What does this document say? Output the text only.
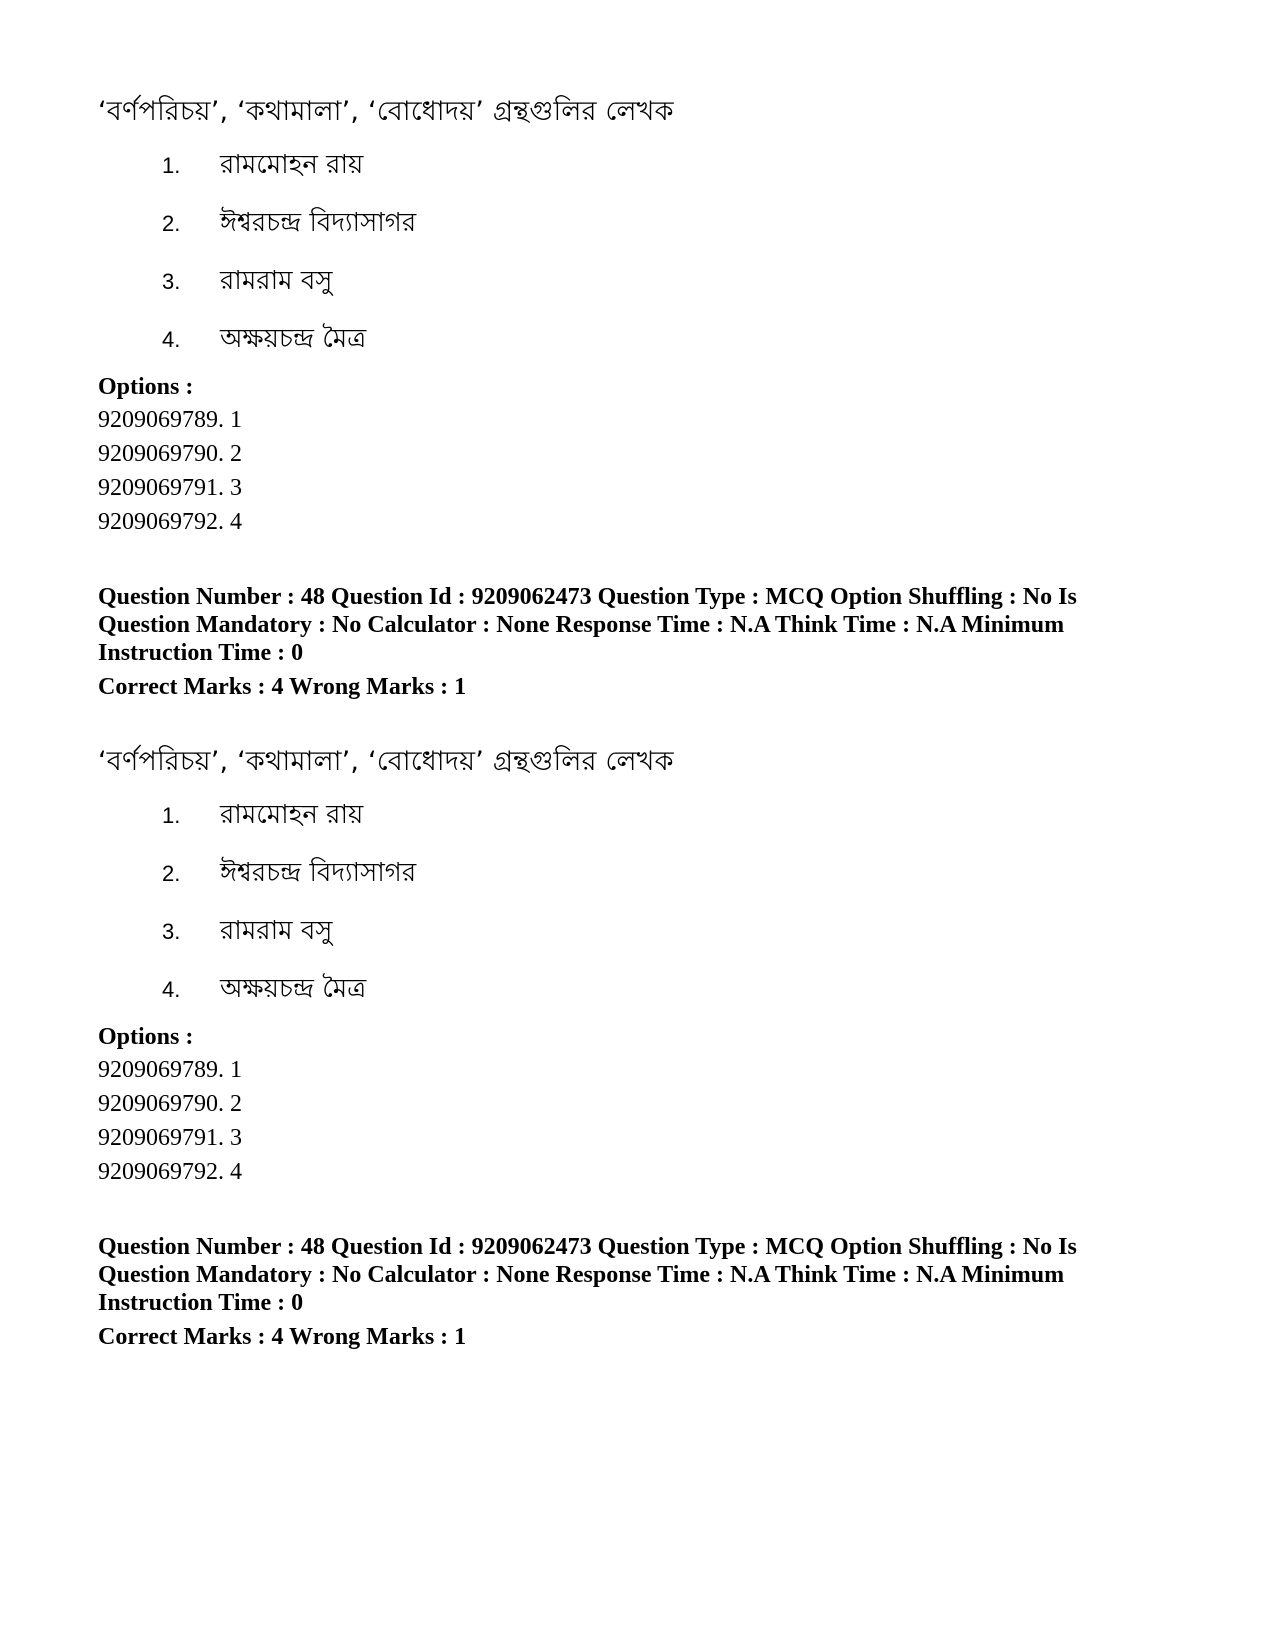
‘বর্ণপরিচয়’, ‘কথামালা’, ‘বোধোদয়’ গ্রন্থগুলির লেখক

1. রামমোহন রায়
2. ঈশ্বরচন্দ্র বিদ্যাসাগর
3. রামরাম বসু
4. অক্ষয়চন্দ্র মৈত্র

Options :

9209069789. 1

9209069790. 2

9209069791. 3

9209069792. 4

Question Number : 48 Question Id : 9209062473 Question Type : MCQ Option Shuffling : No Is

Question Mandatory : No Calculator : None Response Time : N.A Think Time : N.A Minimum

Instruction Time : 0

Correct Marks : 4 Wrong Marks : 1

‘বর্ণপরিচয়’, ‘কথামালা’, ‘বোধোদয়’ গ্রন্থগুলির লেখক

1. রামমোহন রায়
2. ঈশ্বরচন্দ্র বিদ্যাসাগর
3. রামরাম বসু
4. অক্ষয়চন্দ্র মৈত্র

Options :

9209069789. 1

9209069790. 2

9209069791. 3

9209069792. 4

Question Number : 48 Question Id : 9209062473 Question Type : MCQ Option Shuffling : No Is

Question Mandatory : No Calculator : None Response Time : N.A Think Time : N.A Minimum

Instruction Time : 0

Correct Marks : 4 Wrong Marks : 1
